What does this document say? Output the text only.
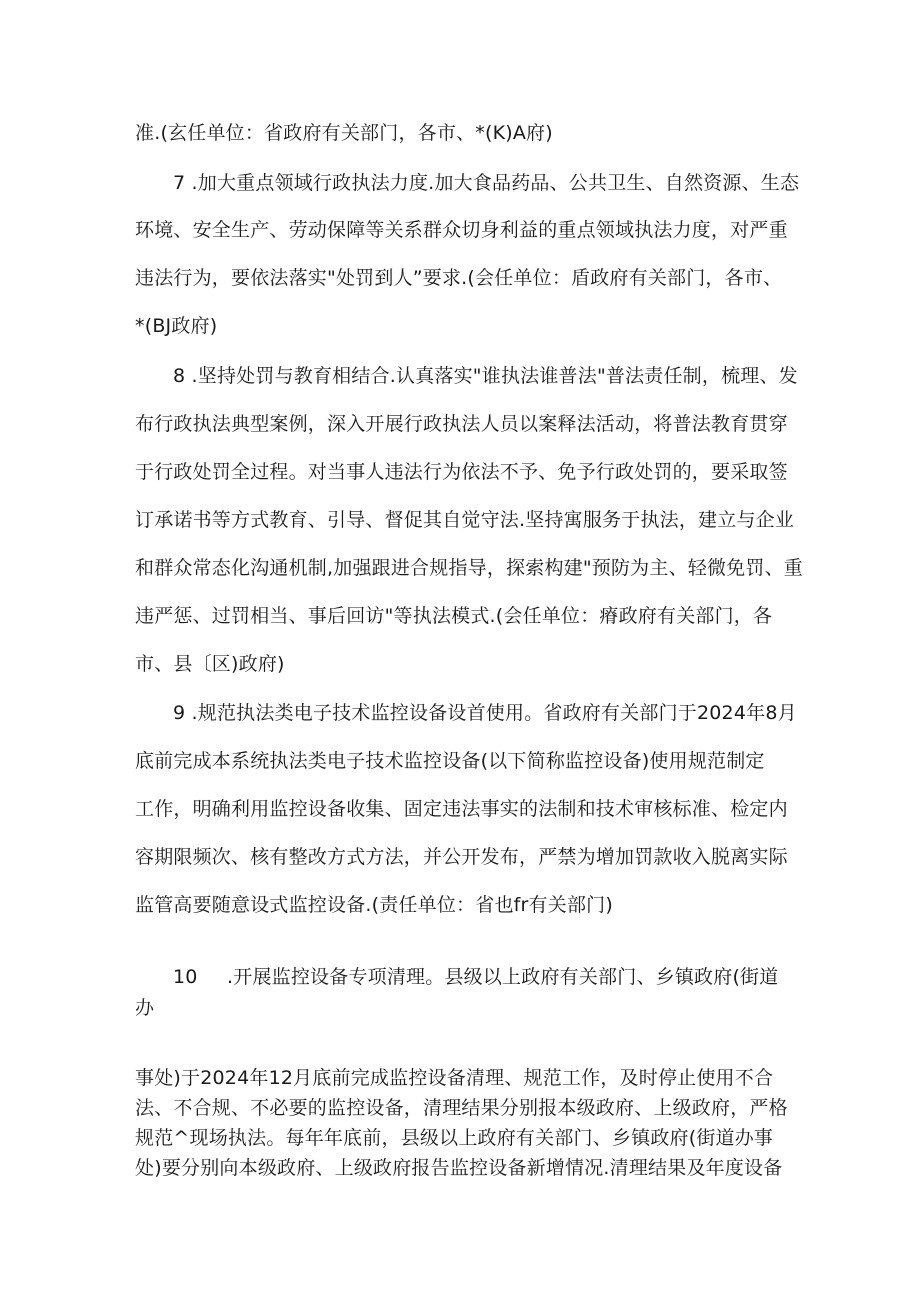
准.(玄任单位：省政府有关部门，各市、*(K)A府)
7 .加大重点领域行政执法力度.加大食品药品、公共卫生、自然资源、生态
环境、安全生产、劳动保障等关系群众切身利益的重点领域执法力度，对严重
违法行为，要依法落实"处罚到人”要求.(会任单位：盾政府有关部门，各市、
*(BJ政府)
8 .坚持处罚与教育相结合.认真落实"谁执法谁普法"普法责任制，梳理、发
布行政执法典型案例，深入开展行政执法人员以案释法活动，将普法教育贯穿
于行政处罚全过程。对当事人违法行为依法不予、免予行政处罚的，要采取签
订承诺书等方式教育、引导、督促其自觉守法.坚持寓服务于执法，建立与企业
和群众常态化沟通机制,加强跟进合规指导，探索构建"预防为主、轻微免罚、重
违严惩、过罚相当、事后回访"等执法模式.(会任单位：瘠政府有关部门，各
市、县〔区)政府)
9 .规范执法类电子技术监控设备设首使用。省政府有关部门于2024年8月
底前完成本系统执法类电子技术监控设备(以下简称监控设备)使用规范制定
工作，明确利用监控设备收集、固定违法事实的法制和技术审核标准、检定内
容期限频次、核有整改方式方法，并公开发布，严禁为增加罚款收入脱离实际
监管高要随意设式监控设备.(责任单位：省也fr有关部门)
10 .开展监控设备专项清理。县级以上政府有关部门、乡镇政府(街道
办
事处)于2024年12月底前完成监控设备清理、规范工作，及时停止使用不合
法、不合规、不必要的监控设备，清理结果分别报本级政府、上级政府，严格
规范^现场执法。每年年底前，县级以上政府有关部门、乡镇政府(街道办事
处)要分别向本级政府、上级政府报告监控设备新增情况.清理结果及年度设备
